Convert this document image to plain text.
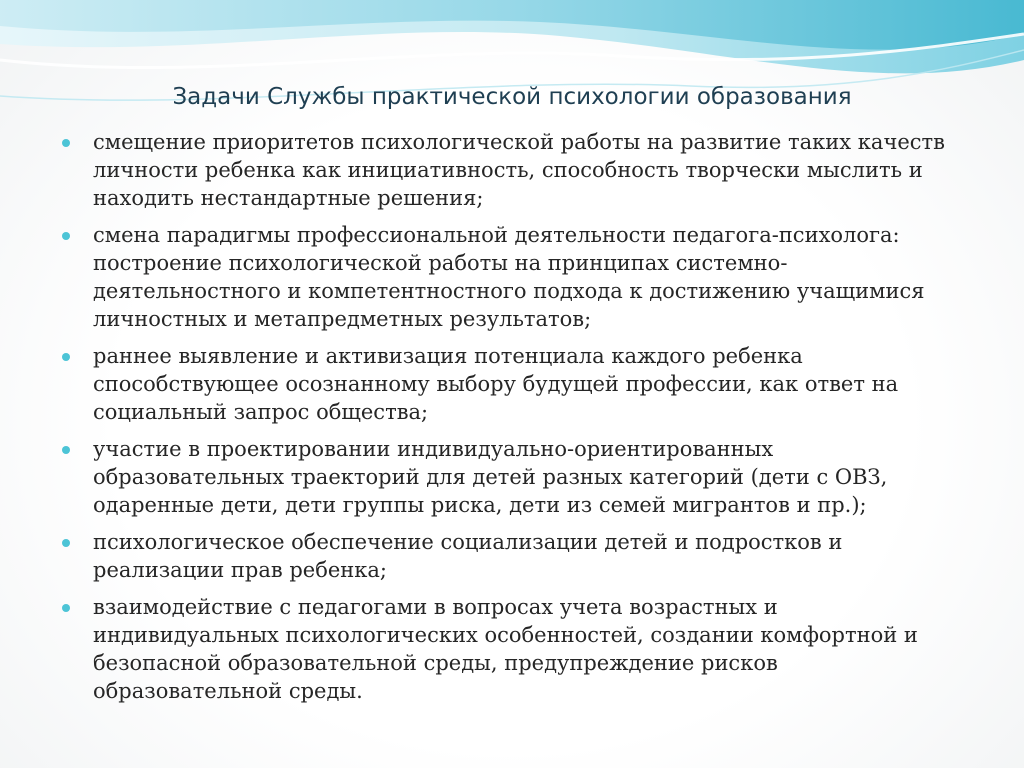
Задачи Службы практической психологии образования
смещение приоритетов психологической работы на развитие таких качеств личности ребенка как инициативность, способность творчески мыслить и находить нестандартные решения;
смена парадигмы профессиональной деятельности педагога-психолога: построение психологической работы на принципах системно-деятельностного и компетентностного подхода к достижению учащимися личностных и метапредметных результатов;
раннее выявление и активизация потенциала каждого ребенка способствующее осознанному выбору будущей профессии, как ответ на социальный запрос общества;
участие в проектировании индивидуально-ориентированных образовательных траекторий для детей разных категорий (дети с ОВЗ, одаренные дети, дети группы риска, дети из семей мигрантов и пр.);
психологическое обеспечение социализации детей и подростков и реализации прав ребенка;
взаимодействие с педагогами в вопросах учета возрастных и индивидуальных психологических особенностей, создании комфортной и безопасной образовательной среды, предупреждение рисков образовательной среды.
